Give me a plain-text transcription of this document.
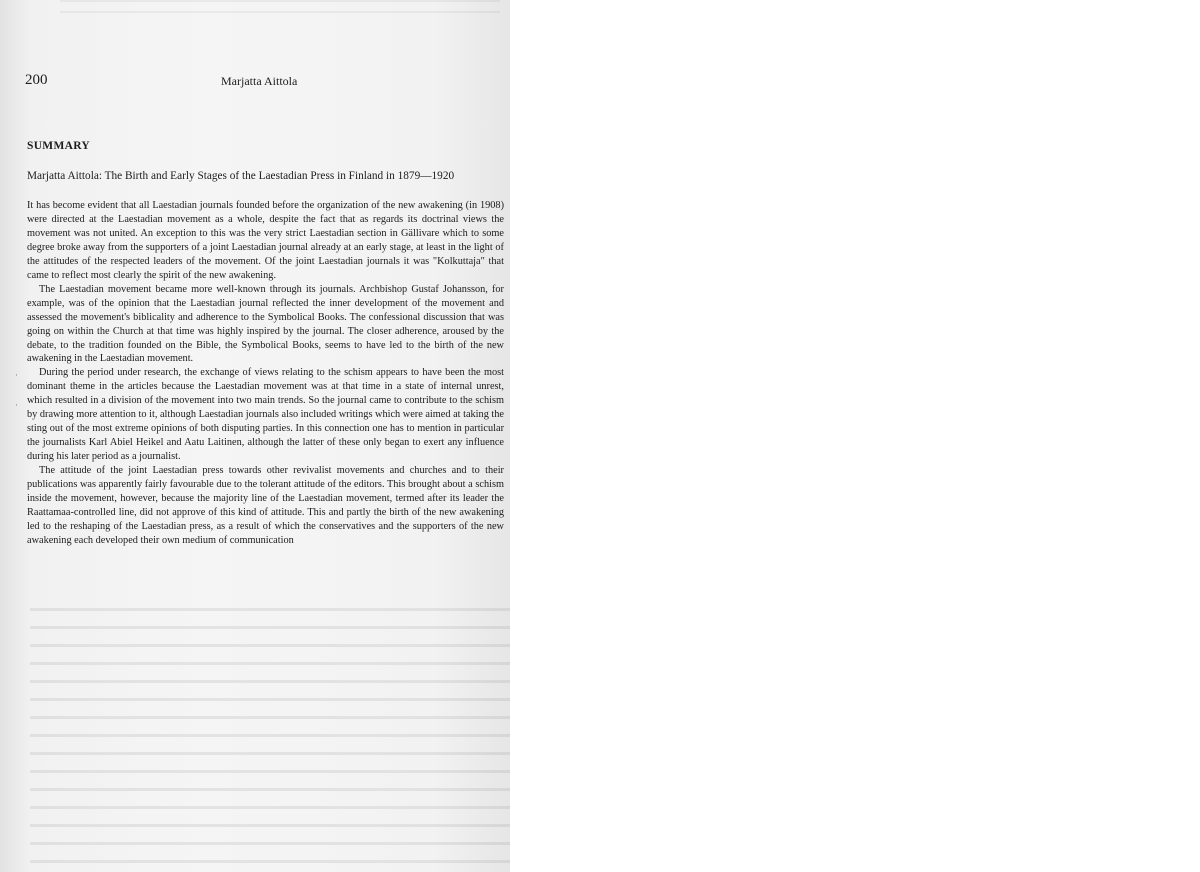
·
·
200	Marjatta Aittola
SUMMARY
Marjatta Aittola: The Birth and Early Stages of the Laestadian Press in Finland in 1879—1920

It has become evident that all Laestadian journals founded before the organization of the new awakening (in 1908) were directed at the Laestadian movement as a whole, despite the fact that as regards its doctrinal views the movement was not united. An exception to this was the very strict Laestadian section in Gällivare which to some degree broke away from the supporters of a joint Laestadian journal already at an early stage, at least in the light of the attitudes of the respected leaders of the movement. Of the joint Laestadian journals it was "Kolkuttaja" that came to reflect most clearly the spirit of the new awakening.

The Laestadian movement became more well-known through its journals. Archbishop Gustaf Johansson, for example, was of the opinion that the Laestadian journal reflected the inner development of the movement and assessed the movement's biblicality and adherence to the Symbolical Books. The confessional discussion that was going on within the Church at that time was highly inspired by the journal. The closer adherence, aroused by the debate, to the tradition founded on the Bible, the Symbolical Books, seems to have led to the birth of the new awakening in the Laestadian movement.

During the period under research, the exchange of views relating to the schism appears to have been the most dominant theme in the articles because the Laestadian movement was at that time in a state of internal unrest, which resulted in a division of the movement into two main trends. So the journal came to contribute to the schism by drawing more attention to it, although Laestadian journals also included writings which were aimed at taking the sting out of the most extreme opinions of both disputing parties. In this connection one has to mention in particular the journalists Karl Abiel Heikel and Aatu Laitinen, although the latter of these only began to exert any influence during his later period as a journalist.

The attitude of the joint Laestadian press towards other revivalist movements and churches and to their publications was apparently fairly favourable due to the tolerant attitude of the editors. This brought about a schism inside the movement, however, because the majority line of the Laestadian movement, termed after its leader the Raattamaa-controlled line, did not approve of this kind of attitude. This and partly the birth of the new awakening led to the reshaping of the Laestadian press, as a result of which the conservatives and the supporters of the new awakening each developed their own medium of communication
